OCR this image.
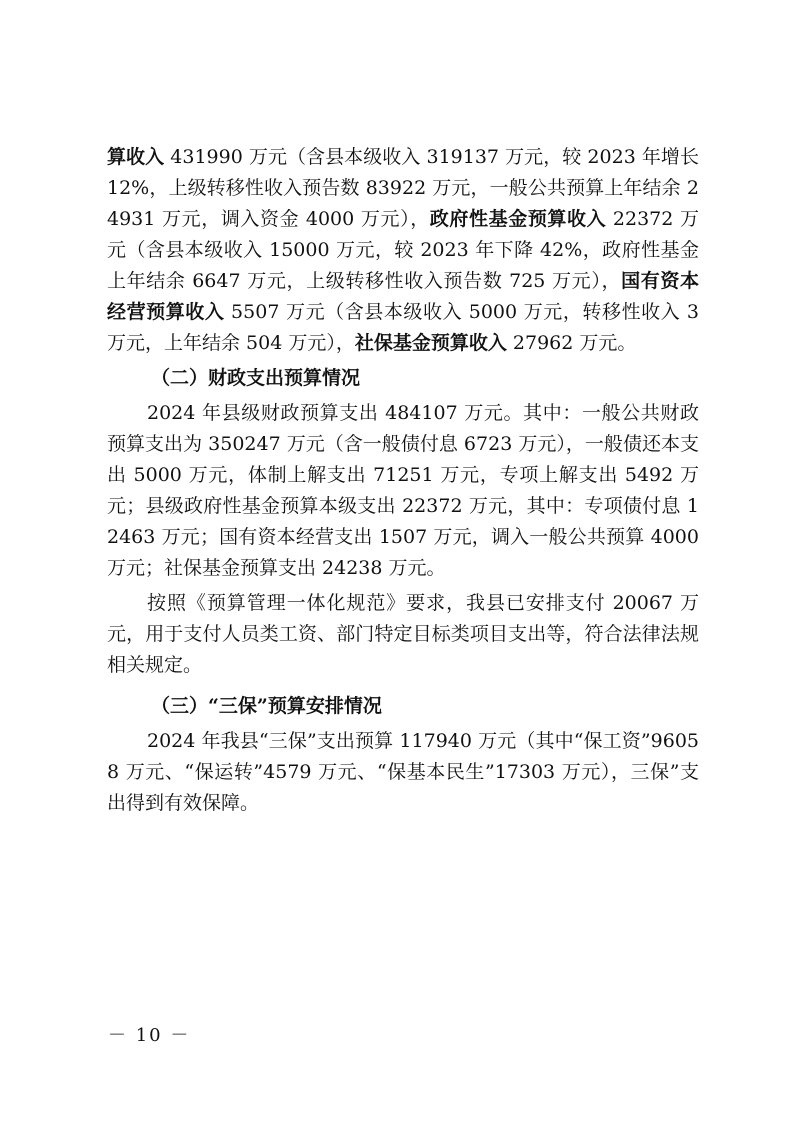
算收入 431990 万元（含县本级收入 319137 万元，较 2023 年增长 12%，上级转移性收入预告数 83922 万元，一般公共预算上年结余 24931 万元，调入资金 4000 万元），政府性基金预算收入 22372 万元（含县本级收入 15000 万元，较 2023 年下降 42%，政府性基金上年结余 6647 万元，上级转移性收入预告数 725 万元），国有资本经营预算收入 5507 万元（含县本级收入 5000 万元，转移性收入 3 万元，上年结余 504 万元），社保基金预算收入 27962 万元。

（二）财政支出预算情况

2024 年县级财政预算支出 484107 万元。其中：一般公共财政预算支出为 350247 万元（含一般债付息 6723 万元），一般债还本支出 5000 万元，体制上解支出 71251 万元，专项上解支出 5492 万元；县级政府性基金预算本级支出 22372 万元，其中：专项债付息 12463 万元；国有资本经营支出 1507 万元，调入一般公共预算 4000 万元；社保基金预算支出 24238 万元。

按照《预算管理一体化规范》要求，我县已安排支付 20067 万元，用于支付人员类工资、部门特定目标类项目支出等，符合法律法规相关规定。

（三）“三保”预算安排情况

2024 年我县“三保”支出预算 117940 万元（其中“保工资”96058 万元、“保运转”4579 万元、“保基本民生”17303 万元），三保”支出得到有效保障。

－ 10 －
